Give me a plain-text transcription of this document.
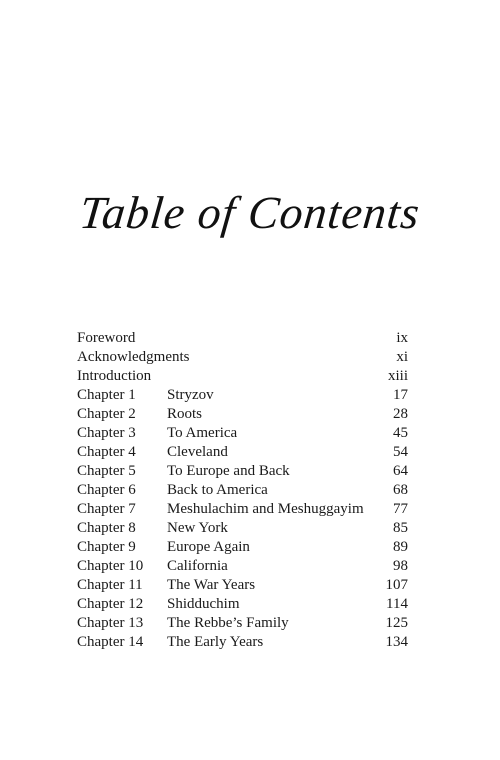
Table of Contents
Foreword	ix
Acknowledgments	xi
Introduction	xiii
Chapter 1	Stryzov	17
Chapter 2	Roots	28
Chapter 3	To America	45
Chapter 4	Cleveland	54
Chapter 5	To Europe and Back	64
Chapter 6	Back to America	68
Chapter 7	Meshulachim and Meshuggayim	77
Chapter 8	New York	85
Chapter 9	Europe Again	89
Chapter 10	California	98
Chapter 11	The War Years	107
Chapter 12	Shidduchim	114
Chapter 13	The Rebbe’s Family	125
Chapter 14	The Early Years	134
